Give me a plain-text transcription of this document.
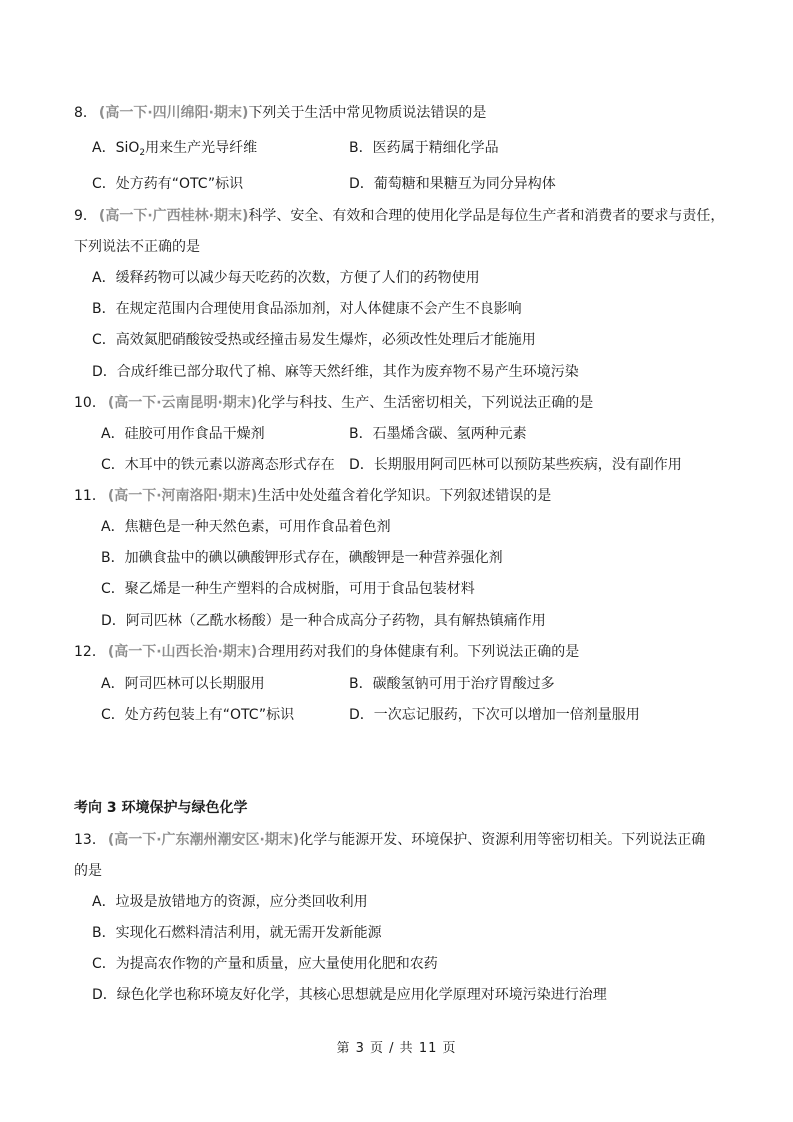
8． (高一下·四川绵阳·期末)下列关于生活中常见物质说法错误的是
A．SiO$_2$用来生产光导纤维	B．医药属于精细化学品
C．处方药有“OTC”标识	D．葡萄糖和果糖互为同分异构体
9． (高一下·广西桂林·期末)科学、安全、有效和合理的使用化学品是每位生产者和消费者的要求与责任，
下列说法不正确的是
A．缓释药物可以减少每天吃药的次数，方便了人们的药物使用
B．在规定范围内合理使用食品添加剂，对人体健康不会产生不良影响
C．高效氮肥硝酸铵受热或经撞击易发生爆炸，必须改性处理后才能施用
D．合成纤维已部分取代了棉、麻等天然纤维，其作为废弃物不易产生环境污染
10． (高一下·云南昆明·期末)化学与科技、生产、生活密切相关，下列说法正确的是
A．硅胶可用作食品干燥剂	B．石墨烯含碳、氢两种元素
C．木耳中的铁元素以游离态形式存在 D．长期服用阿司匹林可以预防某些疾病，没有副作用
11． (高一下·河南洛阳·期末)生活中处处蕴含着化学知识。下列叙述错误的是
A．焦糖色是一种天然色素，可用作食品着色剂
B．加碘食盐中的碘以碘酸钾形式存在，碘酸钾是一种营养强化剂
C．聚乙烯是一种生产塑料的合成树脂，可用于食品包装材料
D．阿司匹林（乙酰水杨酸）是一种合成高分子药物，具有解热镇痛作用
12． (高一下·山西长治·期末)合理用药对我们的身体健康有利。下列说法正确的是
A．阿司匹林可以长期服用	B．碳酸氢钠可用于治疗胃酸过多
C．处方药包装上有“OTC”标识	D．一次忘记服药，下次可以增加一倍剂量服用
考向 3 环境保护与绿色化学
13． (高一下·广东潮州潮安区·期末)化学与能源开发、环境保护、资源利用等密切相关。下列说法正确
的是
A．垃圾是放错地方的资源，应分类回收利用
B．实现化石燃料清洁利用，就无需开发新能源
C．为提高农作物的产量和质量，应大量使用化肥和农药
D．绿色化学也称环境友好化学，其核心思想就是应用化学原理对环境污染进行治理
第 3 页 / 共 11 页
